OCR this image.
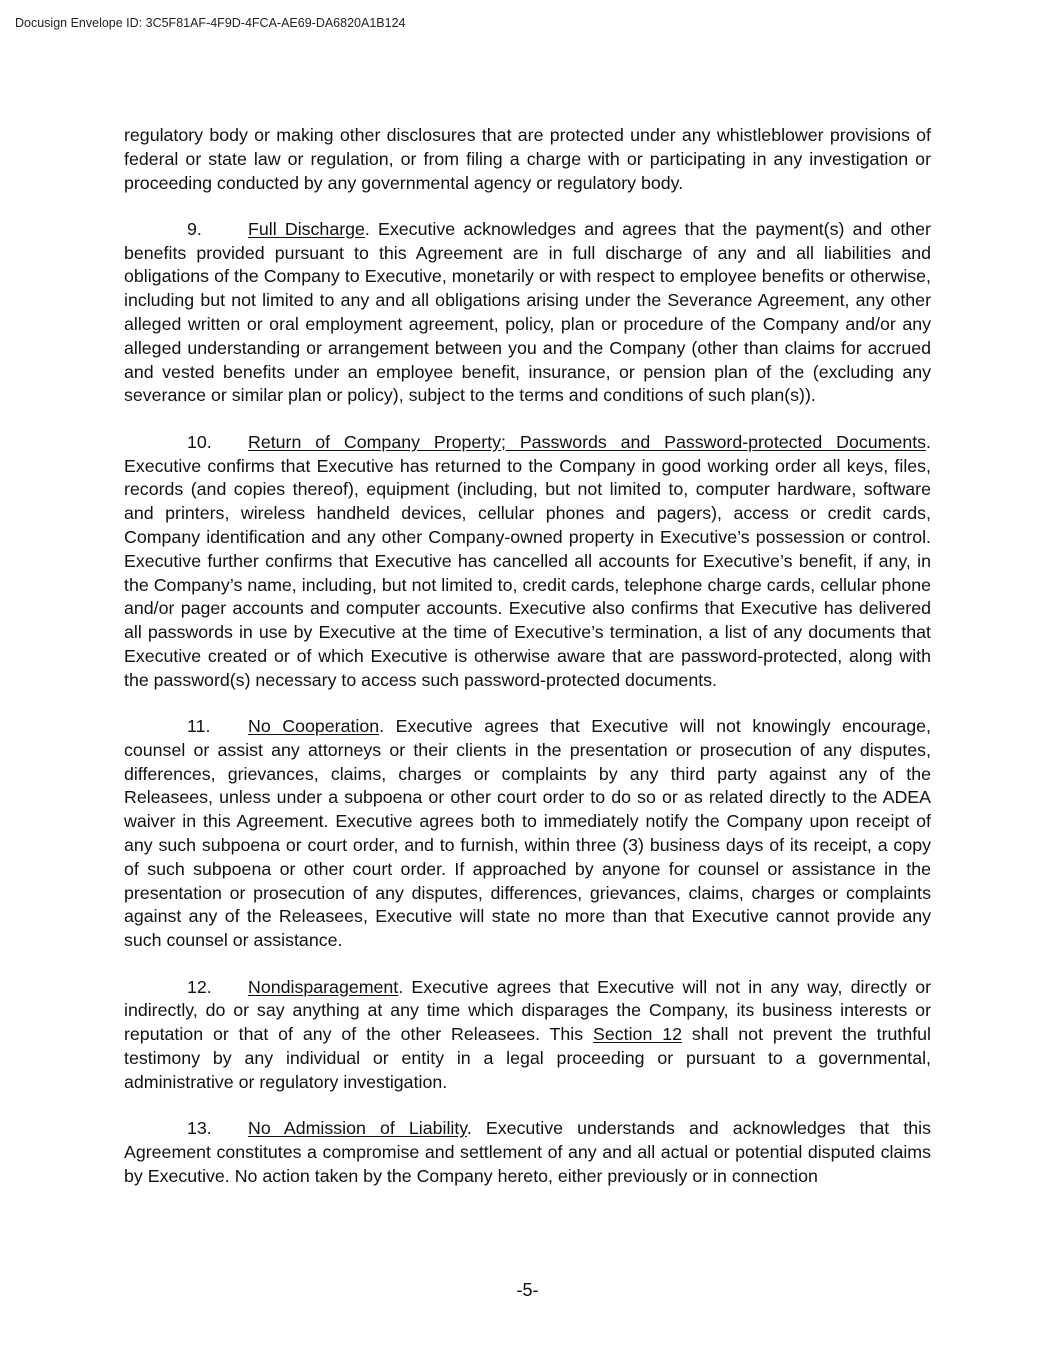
Docusign Envelope ID: 3C5F81AF-4F9D-4FCA-AE69-DA6820A1B124

regulatory body or making other disclosures that are protected under any whistleblower provisions of federal or state law or regulation, or from filing a charge with or participating in any investigation or proceeding conducted by any governmental agency or regulatory body.

9.	Full Discharge. Executive acknowledges and agrees that the payment(s) and other benefits provided pursuant to this Agreement are in full discharge of any and all liabilities and obligations of the Company to Executive, monetarily or with respect to employee benefits or otherwise, including but not limited to any and all obligations arising under the Severance Agreement, any other alleged written or oral employment agreement, policy, plan or procedure of the Company and/or any alleged understanding or arrangement between you and the Company (other than claims for accrued and vested benefits under an employee benefit, insurance, or pension plan of the (excluding any severance or similar plan or policy), subject to the terms and conditions of such plan(s)).

10. Return of Company Property; Passwords and Password-protected Documents. Executive confirms that Executive has returned to the Company in good working order all keys, files, records (and copies thereof), equipment (including, but not limited to, computer hardware, software and printers, wireless handheld devices, cellular phones and pagers), access or credit cards, Company identification and any other Company-owned property in Executive’s possession or control. Executive further confirms that Executive has cancelled all accounts for Executive’s benefit, if any, in the Company’s name, including, but not limited to, credit cards, telephone charge cards, cellular phone and/or pager accounts and computer accounts. Executive also confirms that Executive has delivered all passwords in use by Executive at the time of Executive’s termination, a list of any documents that Executive created or of which Executive is otherwise aware that are password-protected, along with the password(s) necessary to access such password-protected documents.

11. No Cooperation. Executive agrees that Executive will not knowingly encourage, counsel or assist any attorneys or their clients in the presentation or prosecution of any disputes, differences, grievances, claims, charges or complaints by any third party against any of the Releasees, unless under a subpoena or other court order to do so or as related directly to the ADEA waiver in this Agreement. Executive agrees both to immediately notify the Company upon receipt of any such subpoena or court order, and to furnish, within three (3) business days of its receipt, a copy of such subpoena or other court order. If approached by anyone for counsel or assistance in the presentation or prosecution of any disputes, differences, grievances, claims, charges or complaints against any of the Releasees, Executive will state no more than that Executive cannot provide any such counsel or assistance.

12. Nondisparagement. Executive agrees that Executive will not in any way, directly or indirectly, do or say anything at any time which disparages the Company, its business interests or reputation or that of any of the other Releasees. This Section 12 shall not prevent the truthful testimony by any individual or entity in a legal proceeding or pursuant to a governmental, administrative or regulatory investigation.

13. No Admission of Liability. Executive understands and acknowledges that this Agreement constitutes a compromise and settlement of any and all actual or potential disputed claims by Executive. No action taken by the Company hereto, either previously or in connection

-5-
